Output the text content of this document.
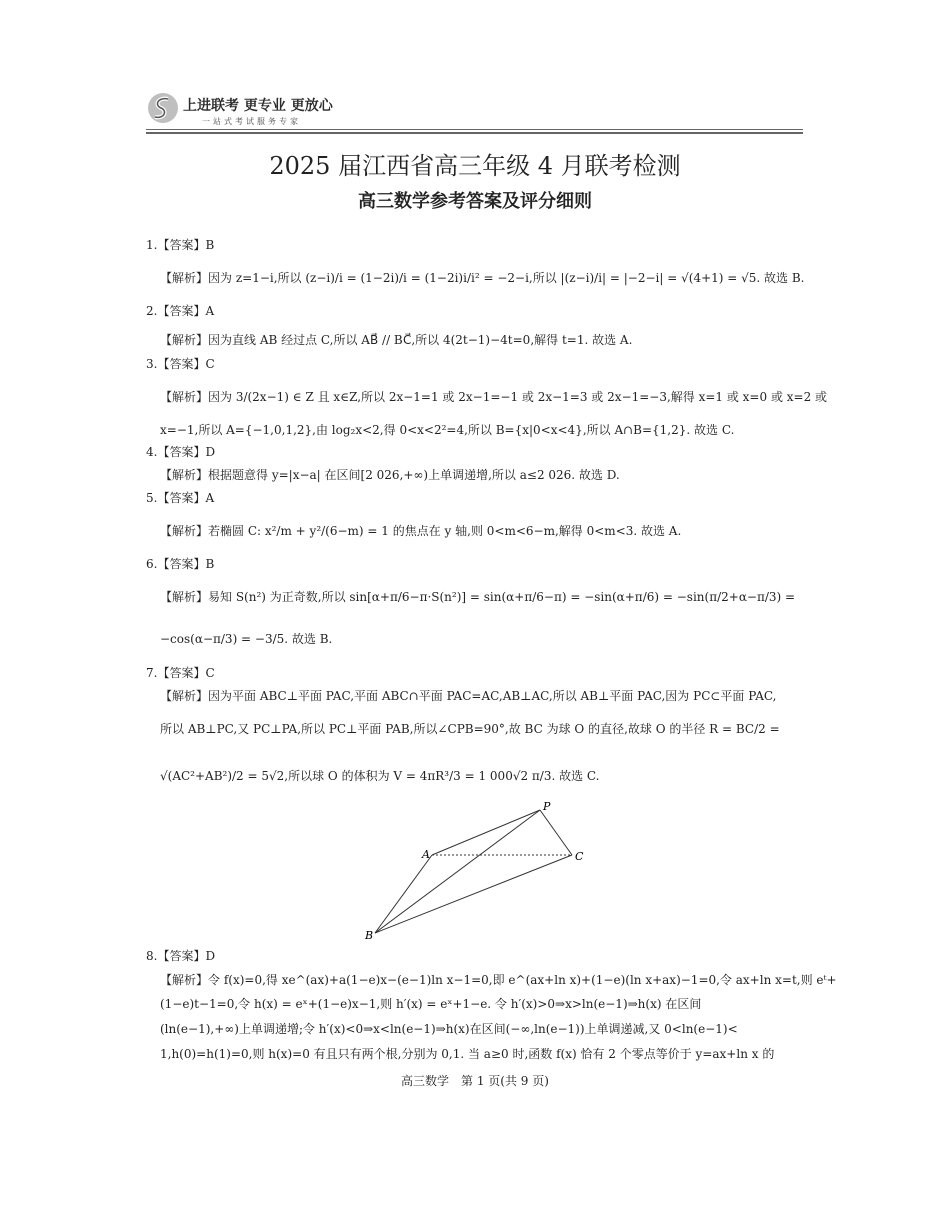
上进联考 更专业 更放心
一站式考试服务专家
2025 届江西省高三年级 4 月联考检测
高三数学参考答案及评分细则
1.【答案】B
【解析】因为 z=1−i,所以 (z−i)/i = (1−2i)/i = (1−2i)i/i² = −2−i,所以 |(z−i)/i| = |−2−i| = √(4+1) = √5. 故选 B.
2.【答案】A
【解析】因为直线 AB 经过点 C,所以 AB⃗ // BC⃗,所以 4(2t−1)−4t=0,解得 t=1. 故选 A.
3.【答案】C
【解析】因为 3/(2x−1) ∈ Z 且 x∈Z,所以 2x−1=1 或 2x−1=−1 或 2x−1=3 或 2x−1=−3,解得 x=1 或 x=0 或 x=2 或
x=−1,所以 A={−1,0,1,2},由 log₂x<2,得 0<x<2²=4,所以 B={x|0<x<4},所以 A∩B={1,2}. 故选 C.
4.【答案】D
【解析】根据题意得 y=|x−a| 在区间[2 026,+∞)上单调递增,所以 a≤2 026. 故选 D.
5.【答案】A
【解析】若椭圆 C: x²/m + y²/(6−m) = 1 的焦点在 y 轴,则 0<m<6−m,解得 0<m<3. 故选 A.
6.【答案】B
【解析】易知 S(n²) 为正奇数,所以 sin[α+π/6−π·S(n²)] = sin(α+π/6−π) = −sin(α+π/6) = −sin(π/2+α−π/3) =
−cos(α−π/3) = −3/5. 故选 B.
7.【答案】C
【解析】因为平面 ABC⊥平面 PAC,平面 ABC∩平面 PAC=AC,AB⊥AC,所以 AB⊥平面 PAC,因为 PC⊂平面 PAC,
所以 AB⊥PC,又 PC⊥PA,所以 PC⊥平面 PAB,所以∠CPB=90°,故 BC 为球 O 的直径,故球 O 的半径 R = BC/2 =
√(AC²+AB²)/2 = 5√2,所以球 O 的体积为 V = 4πR³/3 = 1 000√2 π/3. 故选 C.
P
A	C
B
8.【答案】D
【解析】令 f(x)=0,得 xe^(ax)+a(1−e)x−(e−1)ln x−1=0,即 e^(ax+ln x)+(1−e)(ln x+ax)−1=0,令 ax+ln x=t,则 eᵗ+
(1−e)t−1=0,令 h(x) = eˣ+(1−e)x−1,则 h′(x) = eˣ+1−e. 令 h′(x)>0⇒x>ln(e−1)⇒h(x) 在区间
(ln(e−1),+∞)上单调递增;令 h′(x)<0⇒x<ln(e−1)⇒h(x)在区间(−∞,ln(e−1))上单调递减,又 0<ln(e−1)<
1,h(0)=h(1)=0,则 h(x)=0 有且只有两个根,分别为 0,1. 当 a≥0 时,函数 f(x) 恰有 2 个零点等价于 y=ax+ln x 的
高三数学　第 1 页(共 9 页)
